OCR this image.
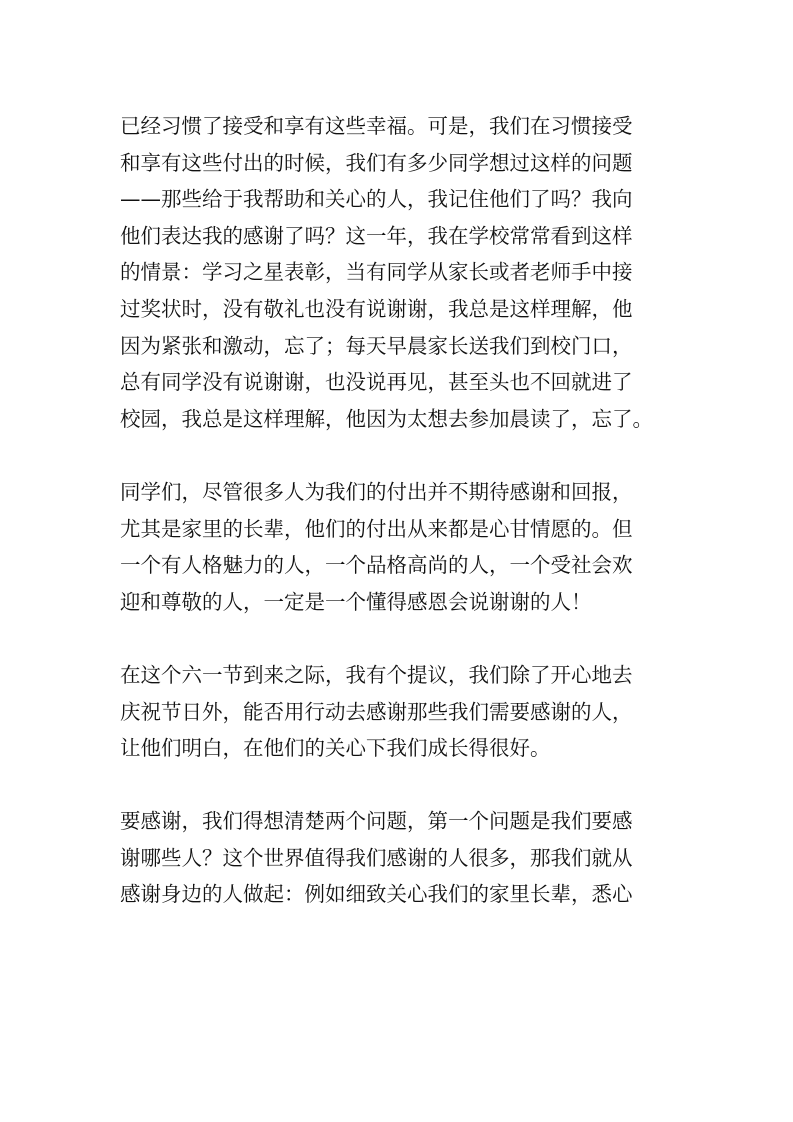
已经习惯了接受和享有这些幸福。可是，我们在习惯接受
和享有这些付出的时候，我们有多少同学想过这样的问题
——那些给于我帮助和关心的人，我记住他们了吗？我向
他们表达我的感谢了吗？这一年，我在学校常常看到这样
的情景：学习之星表彰，当有同学从家长或者老师手中接
过奖状时，没有敬礼也没有说谢谢，我总是这样理解，他
因为紧张和激动，忘了；每天早晨家长送我们到校门口，
总有同学没有说谢谢，也没说再见，甚至头也不回就进了
校园，我总是这样理解，他因为太想去参加晨读了，忘了。

同学们，尽管很多人为我们的付出并不期待感谢和回报，
尤其是家里的长辈，他们的付出从来都是心甘情愿的。但
一个有人格魅力的人，一个品格高尚的人，一个受社会欢
迎和尊敬的人，一定是一个懂得感恩会说谢谢的人！

在这个六一节到来之际，我有个提议，我们除了开心地去
庆祝节日外，能否用行动去感谢那些我们需要感谢的人，
让他们明白，在他们的关心下我们成长得很好。

要感谢，我们得想清楚两个问题，第一个问题是我们要感
谢哪些人？这个世界值得我们感谢的人很多，那我们就从
感谢身边的人做起：例如细致关心我们的家里长辈，悉心
